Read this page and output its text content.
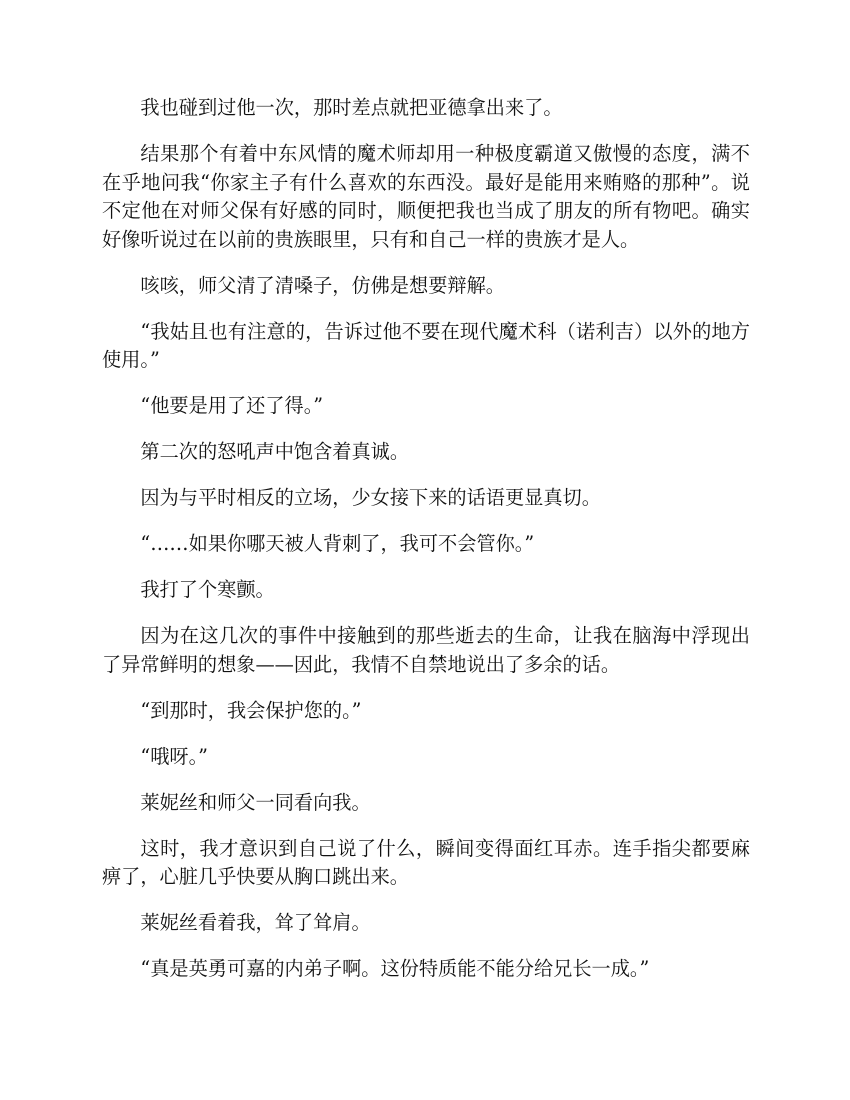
我也碰到过他一次，那时差点就把亚德拿出来了。

结果那个有着中东风情的魔术师却用一种极度霸道又傲慢的态度，满不在乎地问我“你家主子有什么喜欢的东西没。最好是能用来贿赂的那种”。说不定他在对师父保有好感的同时，顺便把我也当成了朋友的所有物吧。确实好像听说过在以前的贵族眼里，只有和自己一样的贵族才是人。

咳咳，师父清了清嗓子，仿佛是想要辩解。

“我姑且也有注意的，告诉过他不要在现代魔术科（诺利吉）以外的地方使用。”

“他要是用了还了得。”

第二次的怒吼声中饱含着真诚。

因为与平时相反的立场，少女接下来的话语更显真切。

“……如果你哪天被人背刺了，我可不会管你。”

我打了个寒颤。

因为在这几次的事件中接触到的那些逝去的生命，让我在脑海中浮现出了异常鲜明的想象——因此，我情不自禁地说出了多余的话。

“到那时，我会保护您的。”

“哦呀。”

莱妮丝和师父一同看向我。

这时，我才意识到自己说了什么，瞬间变得面红耳赤。连手指尖都要麻痹了，心脏几乎快要从胸口跳出来。

莱妮丝看着我，耸了耸肩。

“真是英勇可嘉的内弟子啊。这份特质能不能分给兄长一成。”
